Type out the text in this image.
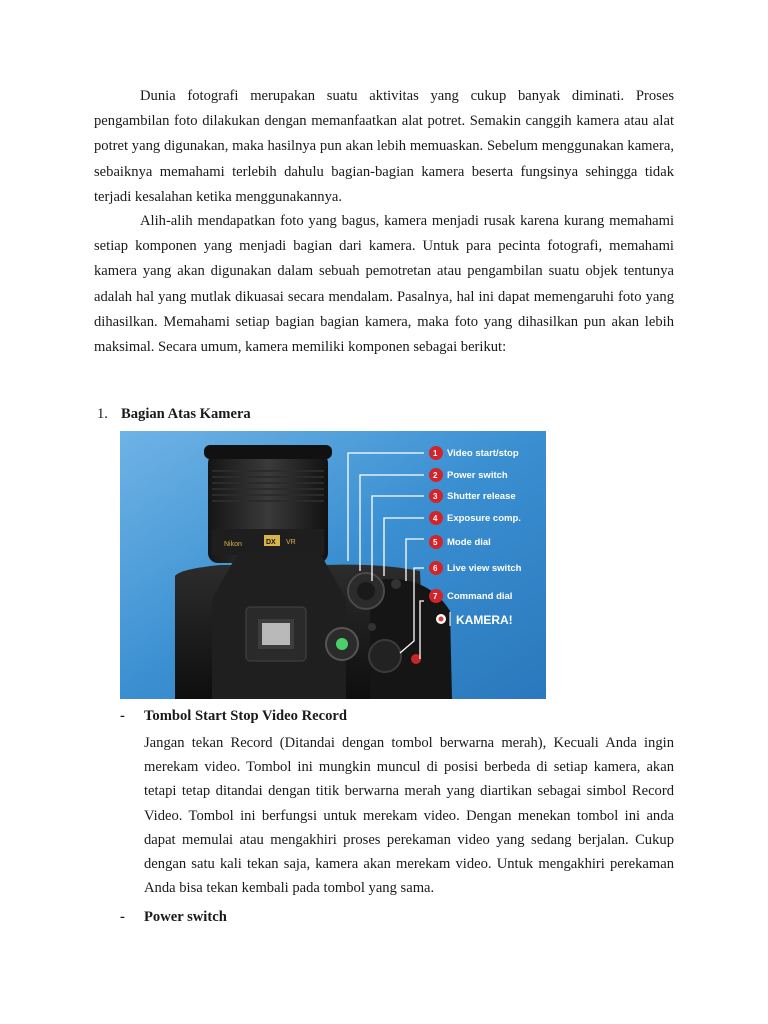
Dunia fotografi merupakan suatu aktivitas yang cukup banyak diminati. Proses pengambilan foto dilakukan dengan memanfaatkan alat potret. Semakin canggih kamera atau alat potret yang digunakan, maka hasilnya pun akan lebih memuaskan. Sebelum menggunakan kamera, sebaiknya memahami terlebih dahulu bagian-bagian kamera beserta fungsinya sehingga tidak terjadi kesalahan ketika menggunakannya.

Alih-alih mendapatkan foto yang bagus, kamera menjadi rusak karena kurang memahami setiap komponen yang menjadi bagian dari kamera. Untuk para pecinta fotografi, memahami kamera yang akan digunakan dalam sebuah pemotretan atau pengambilan suatu objek tentunya adalah hal yang mutlak dikuasai secara mendalam. Pasalnya, hal ini dapat memengaruhi foto yang dihasilkan. Memahami setiap bagian bagian kamera, maka foto yang dihasilkan pun akan lebih maksimal. Secara umum, kamera memiliki komponen sebagai berikut:

1. Bagian Atas Kamera
Nikon	DX VR
1 Video start/stop
2 Power switch
3 Shutter release
4 Exposure comp.
5 Mode dial
6 Live view switch
7 Command dial
KAMERA!
- Tombol Start Stop Video Record

Jangan tekan Record (Ditandai dengan tombol berwarna merah), Kecuali Anda ingin merekam video. Tombol ini mungkin muncul di posisi berbeda di setiap kamera, akan tetapi tetap ditandai dengan titik berwarna merah yang diartikan sebagai simbol Record Video. Tombol ini berfungsi untuk merekam video. Dengan menekan tombol ini anda dapat memulai atau mengakhiri proses perekaman video yang sedang berjalan. Cukup dengan satu kali tekan saja, kamera akan merekam video. Untuk mengakhiri perekaman Anda bisa tekan kembali pada tombol yang sama.

- Power switch
